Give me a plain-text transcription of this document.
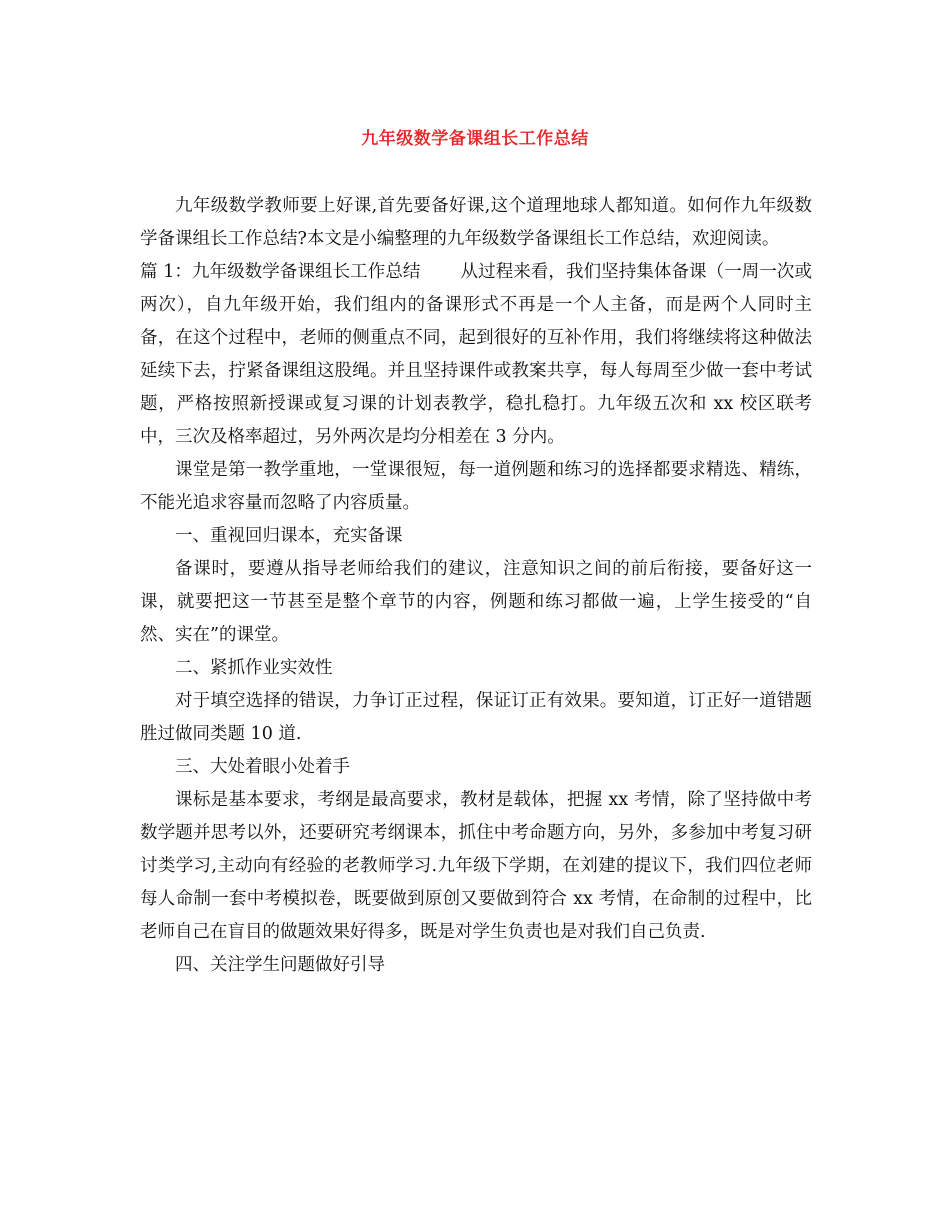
九年级数学备课组长工作总结

九年级数学教师要上好课,首先要备好课,这个道理地球人都知道。如何作九年级数学备课组长工作总结?本文是小编整理的九年级数学备课组长工作总结，欢迎阅读。

篇 1：九年级数学备课组长工作总结 从过程来看，我们坚持集体备课（一周一次或两次），自九年级开始，我们组内的备课形式不再是一个人主备，而是两个人同时主备，在这个过程中，老师的侧重点不同，起到很好的互补作用，我们将继续将这种做法延续下去，拧紧备课组这股绳。并且坚持课件或教案共享，每人每周至少做一套中考试题，严格按照新授课或复习课的计划表教学，稳扎稳打。九年级五次和 xx 校区联考中，三次及格率超过，另外两次是均分相差在 3 分内。

课堂是第一教学重地，一堂课很短，每一道例题和练习的选择都要求精选、精练，不能光追求容量而忽略了内容质量。

一、重视回归课本，充实备课

备课时，要遵从指导老师给我们的建议，注意知识之间的前后衔接，要备好这一课，就要把这一节甚至是整个章节的内容，例题和练习都做一遍，上学生接受的“自然、实在”的课堂。

二、紧抓作业实效性

对于填空选择的错误，力争订正过程，保证订正有效果。要知道，订正好一道错题胜过做同类题 10 道.

三、大处着眼小处着手

课标是基本要求，考纲是最高要求，教材是载体，把握 xx 考情，除了坚持做中考数学题并思考以外，还要研究考纲课本，抓住中考命题方向，另外，多参加中考复习研讨类学习,主动向有经验的老教师学习.九年级下学期，在刘建的提议下，我们四位老师每人命制一套中考模拟卷，既要做到原创又要做到符合 xx 考情，在命制的过程中，比老师自己在盲目的做题效果好得多，既是对学生负责也是对我们自己负责.

四、关注学生问题做好引导
